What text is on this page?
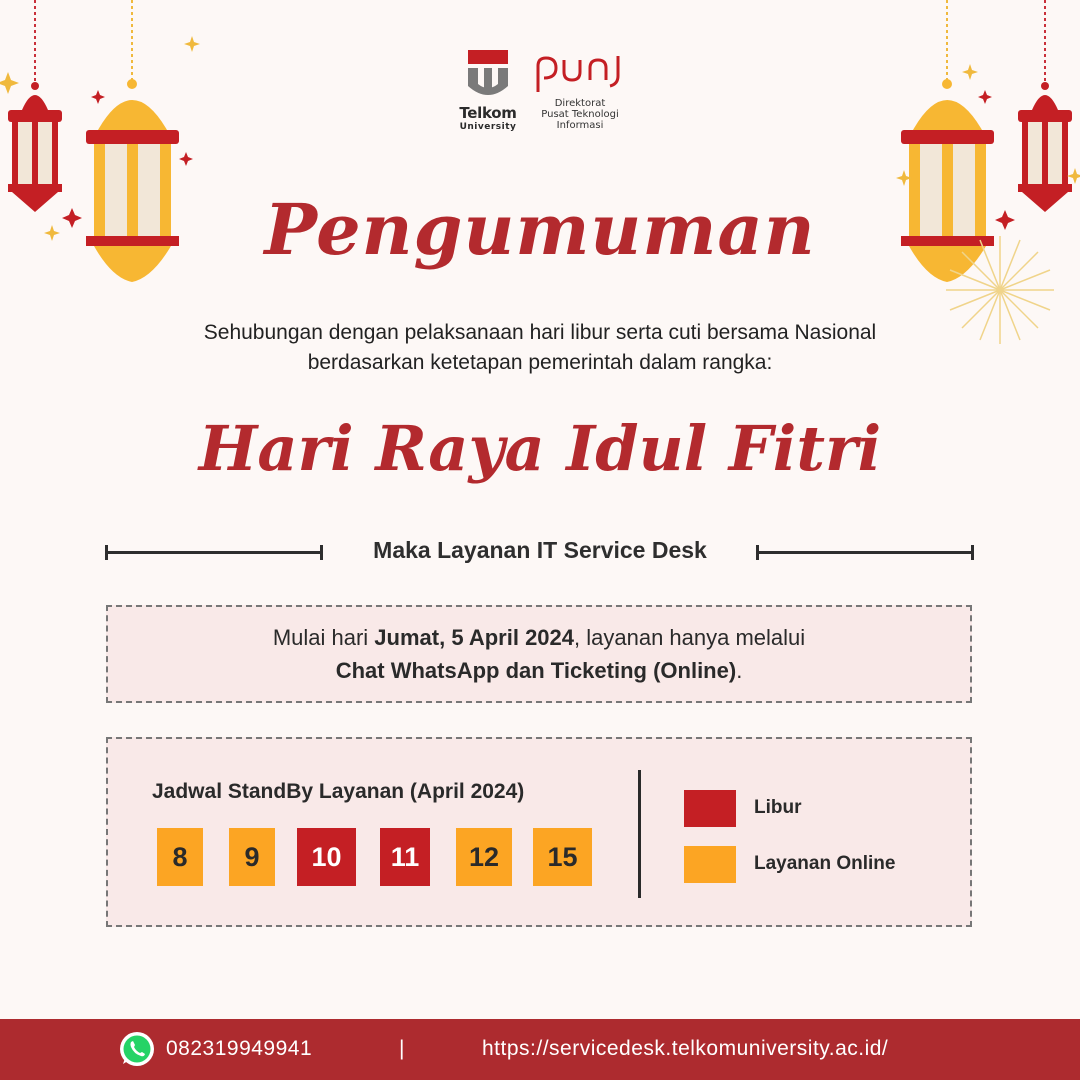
Telkom
University
Direktorat
Pusat Teknologi
Informasi
Pengumuman
Sehubungan dengan pelaksanaan hari libur serta cuti bersama Nasional
berdasarkan ketetapan pemerintah dalam rangka:
Hari Raya Idul Fitri
Maka Layanan IT Service Desk
Mulai hari Jumat, 5 April 2024, layanan hanya melalui
Chat WhatsApp dan Ticketing (Online).
Jadwal StandBy Layanan (April 2024)
8	9	10	11	12	15
Libur
Layanan Online
082319949941	|	https://servicedesk.telkomuniversity.ac.id/
